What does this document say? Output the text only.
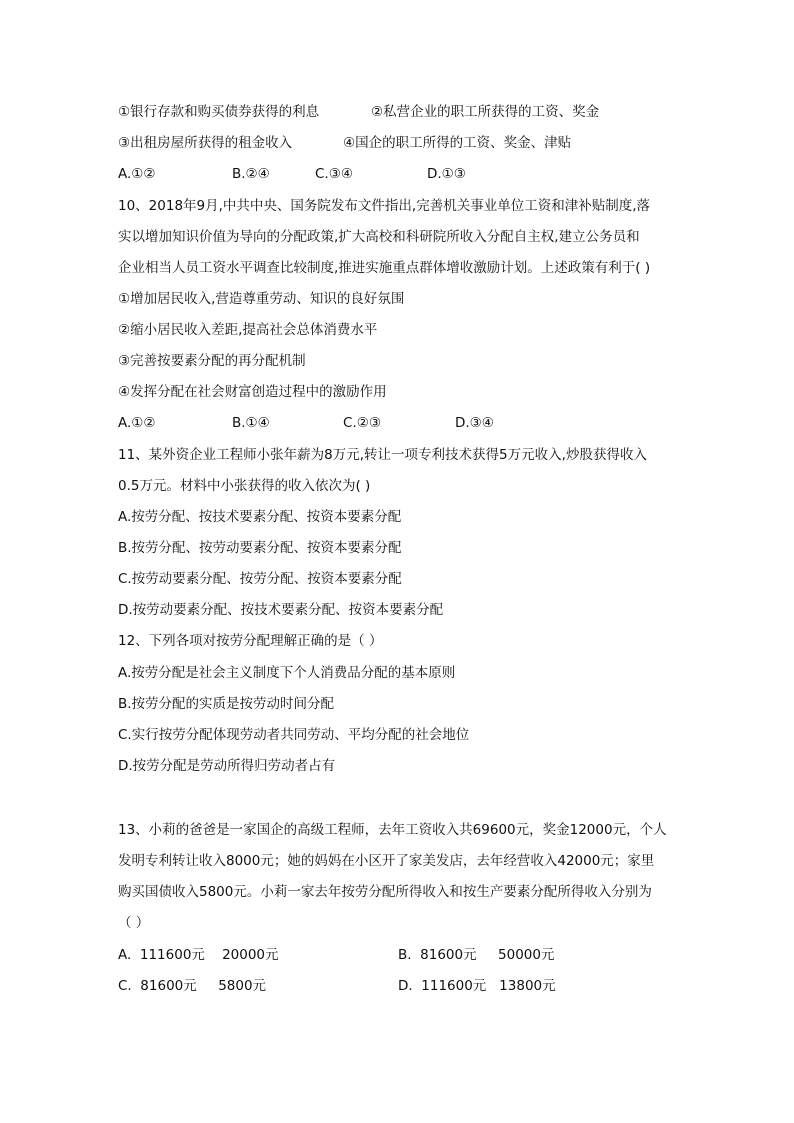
①银行存款和购买债券获得的利息	②私营企业的职工所获得的工资、奖金
③出租房屋所获得的租金收入	④国企的职工所得的工资、奖金、津贴
A.①②	B.②④	C.③④	D.①③
10、2018年9月,中共中央、国务院发布文件指出,完善机关事业单位工资和津补贴制度,落
实以增加知识价值为导向的分配政策,扩大高校和科研院所收入分配自主权,建立公务员和
企业相当人员工资水平调查比较制度,推进实施重点群体增收激励计划。上述政策有利于( )
①增加居民收入,营造尊重劳动、知识的良好氛围
②缩小居民收入差距,提高社会总体消费水平
③完善按要素分配的再分配机制
④发挥分配在社会财富创造过程中的激励作用
A.①②	B.①④	C.②③	D.③④
11、某外资企业工程师小张年薪为8万元,转让一项专利技术获得5万元收入,炒股获得收入
0.5万元。材料中小张获得的收入依次为( )
A.按劳分配、按技术要素分配、按资本要素分配
B.按劳分配、按劳动要素分配、按资本要素分配
C.按劳动要素分配、按劳分配、按资本要素分配
D.按劳动要素分配、按技术要素分配、按资本要素分配
12、下列各项对按劳分配理解正确的是（ ）
A.按劳分配是社会主义制度下个人消费品分配的基本原则
B.按劳分配的实质是按劳动时间分配
C.实行按劳分配体现劳动者共同劳动、平均分配的社会地位
D.按劳分配是劳动所得归劳动者占有
13、小莉的爸爸是一家国企的高级工程师，去年工资收入共69600元，奖金12000元，个人
发明专利转让收入8000元；她的妈妈在小区开了家美发店，去年经营收入42000元；家里
购买国债收入5800元。小莉一家去年按劳分配所得收入和按生产要素分配所得收入分别为
（ ）
A.  111600元    20000元	B.  81600元     50000元
C.  81600元     5800元	D.  111600元   13800元
